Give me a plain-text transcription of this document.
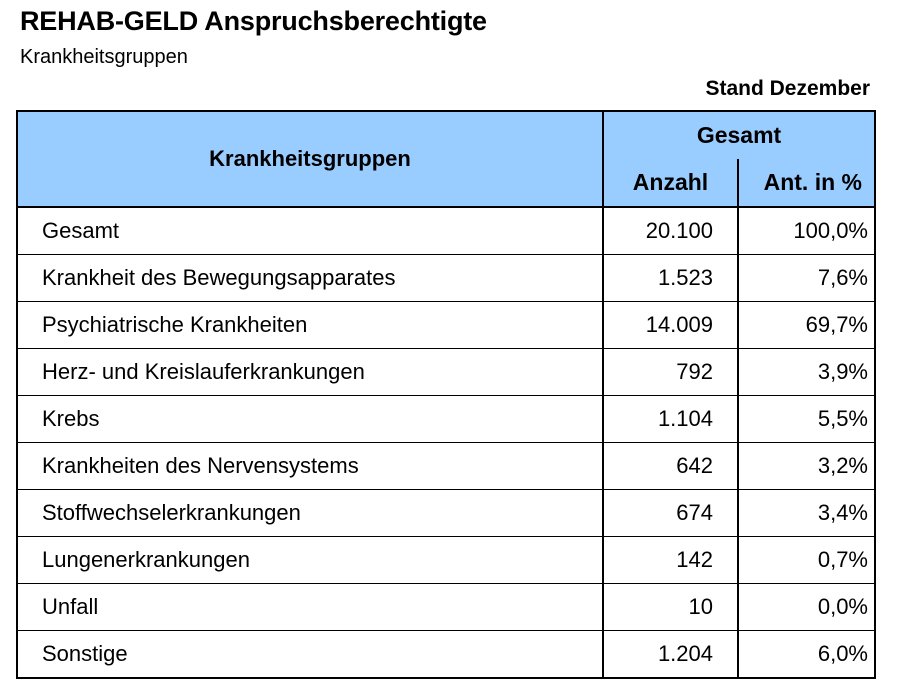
REHAB-GELD Anspruchsberechtigte

Krankheitsgruppen

Stand Dezember

Krankheitsgruppen	Gesamt	
	Anzahl	Ant. in %
Gesamt	20.100	100,0%
Krankheit des Bewegungsapparates	1.523	7,6%
Psychiatrische Krankheiten	14.009	69,7%
Herz- und Kreislauferkrankungen	792	3,9%
Krebs	1.104	5,5%
Krankheiten des Nervensystems	642	3,2%
Stoffwechselerkrankungen	674	3,4%
Lungenerkrankungen	142	0,7%
Unfall	10	0,0%
Sonstige	1.204	6,0%
